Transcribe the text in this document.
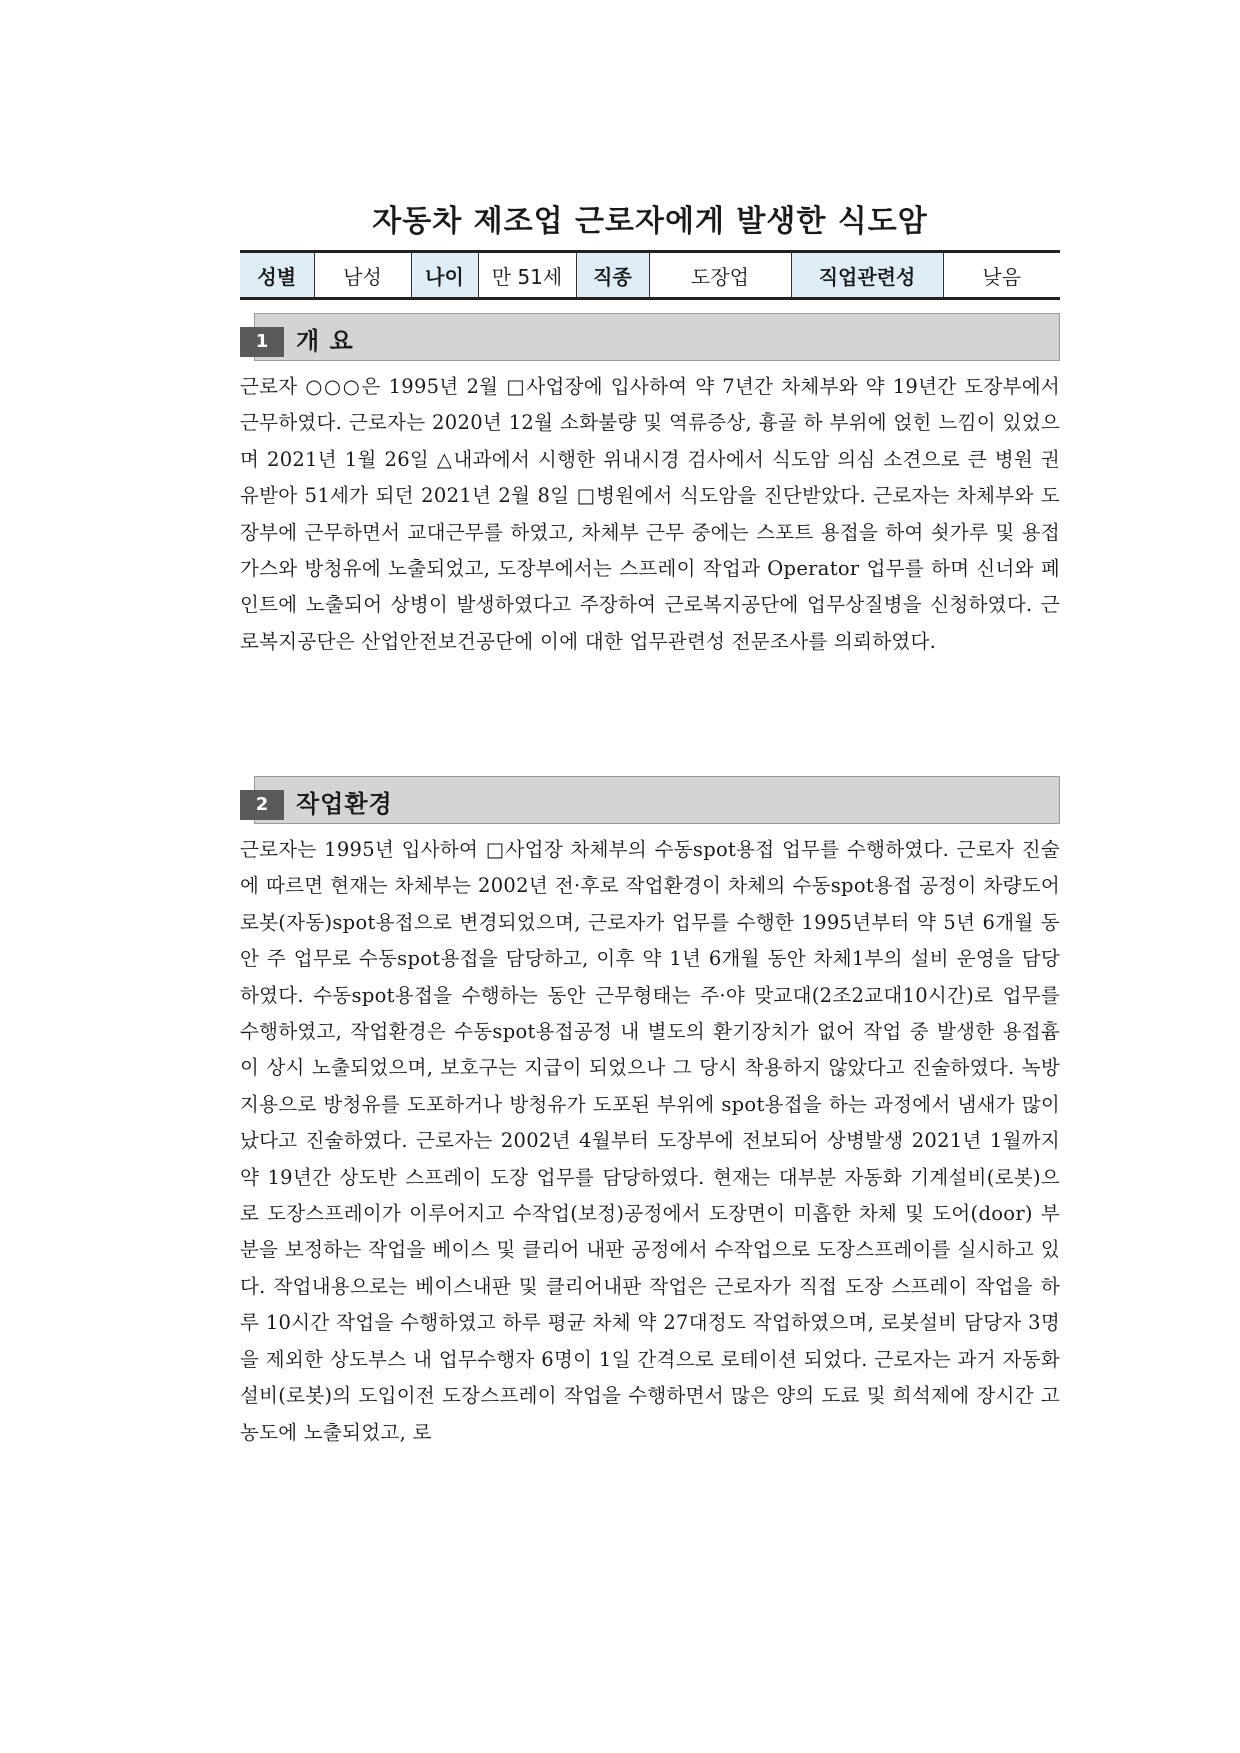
자동차 제조업 근로자에게 발생한 식도암
성별	남성	나이	만 51세	직종	도장업	직업관련성	낮음
1	개 요
근로자 ○○○은 1995년 2월 □사업장에 입사하여 약 7년간 차체부와 약 19년간 도장부에서 근무하였다. 근로자는 2020년 12월 소화불량 및 역류증상, 흉골 하 부위에 얹힌 느낌이 있었으며 2021년 1월 26일 △내과에서 시행한 위내시경 검사에서 식도암 의심 소견으로 큰 병원 권유받아 51세가 되던 2021년 2월 8일 □병원에서 식도암을 진단받았다. 근로자는 차체부와 도장부에 근무하면서 교대근무를 하였고, 차체부 근무 중에는 스포트 용접을 하여 쇳가루 및 용접가스와 방청유에 노출되었고, 도장부에서는 스프레이 작업과 Operator 업무를 하며 신너와 페인트에 노출되어 상병이 발생하였다고 주장하여 근로복지공단에 업무상질병을 신청하였다. 근로복지공단은 산업안전보건공단에 이에 대한 업무관련성 전문조사를 의뢰하였다.
2	작업환경
근로자는 1995년 입사하여 □사업장 차체부의 수동spot용접 업무를 수행하였다. 근로자 진술에 따르면 현재는 차체부는 2002년 전·후로 작업환경이 차체의 수동spot용접 공정이 차량도어 로봇(자동)spot용접으로 변경되었으며, 근로자가 업무를 수행한 1995년부터 약 5년 6개월 동안 주 업무로 수동spot용접을 담당하고, 이후 약 1년 6개월 동안 차체1부의 설비 운영을 담당하였다. 수동spot용접을 수행하는 동안 근무형태는 주·야 맞교대(2조2교대10시간)로 업무를 수행하였고, 작업환경은 수동spot용접공정 내 별도의 환기장치가 없어 작업 중 발생한 용접흄이 상시 노출되었으며, 보호구는 지급이 되었으나 그 당시 착용하지 않았다고 진술하였다. 녹방지용으로 방청유를 도포하거나 방청유가 도포된 부위에 spot용접을 하는 과정에서 냄새가 많이 났다고 진술하였다. 근로자는 2002년 4월부터 도장부에 전보되어 상병발생 2021년 1월까지 약 19년간 상도반 스프레이 도장 업무를 담당하였다. 현재는 대부분 자동화 기계설비(로봇)으로 도장스프레이가 이루어지고 수작업(보정)공정에서 도장면이 미흡한 차체 및 도어(door) 부분을 보정하는 작업을 베이스 및 클리어 내판 공정에서 수작업으로 도장스프레이를 실시하고 있다. 작업내용으로는 베이스내판 및 클리어내판 작업은 근로자가 직접 도장 스프레이 작업을 하루 10시간 작업을 수행하였고 하루 평균 차체 약 27대정도 작업하였으며, 로봇설비 담당자 3명을 제외한 상도부스 내 업무수행자 6명이 1일 간격으로 로테이션 되었다. 근로자는 과거 자동화 설비(로봇)의 도입이전 도장스프레이 작업을 수행하면서 많은 양의 도료 및 희석제에 장시간 고농도에 노출되었고, 로
